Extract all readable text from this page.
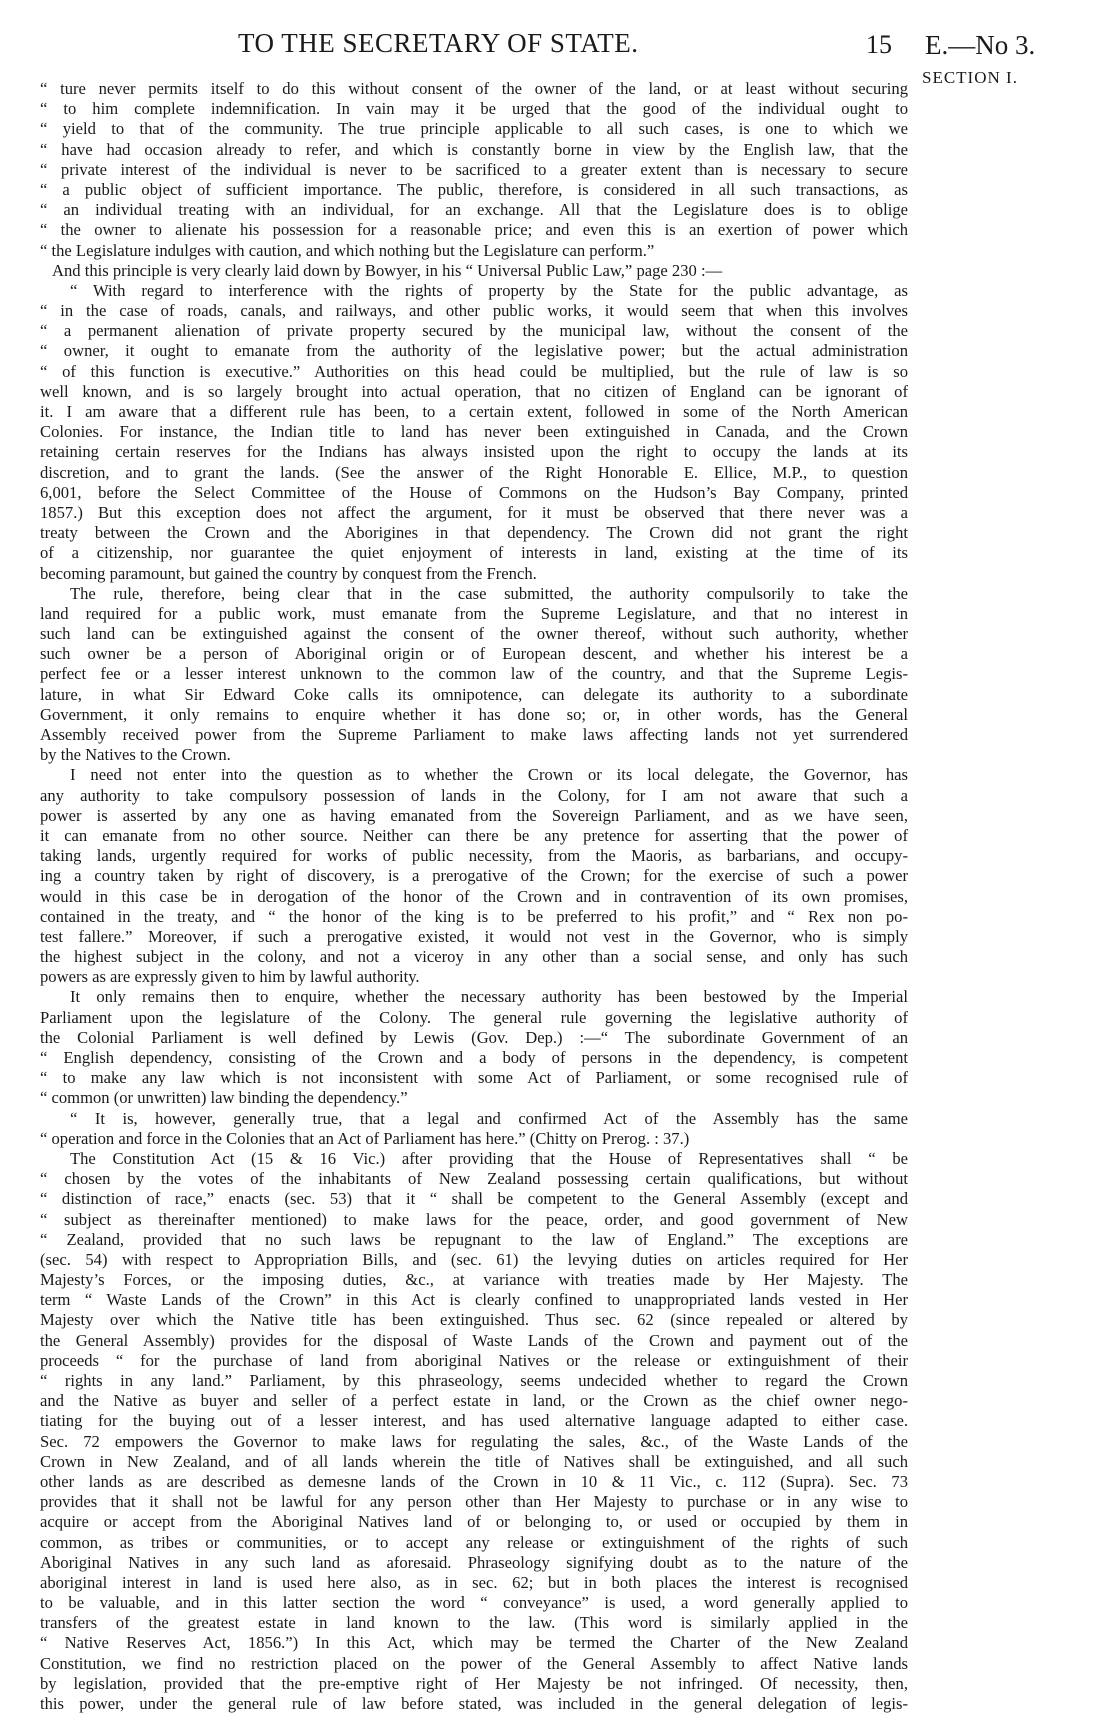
TO THE SECRETARY OF STATE.	15 E.—No 3.
SECTION I.
“ ture never permits itself to do this without consent of the owner of the land, or at least without securing
“ to him complete indemnification. In vain may it be urged that the good of the individual ought to
“ yield to that of the community. The true principle applicable to all such cases, is one to which we
“ have had occasion already to refer, and which is constantly borne in view by the English law, that the
“ private interest of the individual is never to be sacrificed to a greater extent than is necessary to secure
“ a public object of sufficient importance. The public, therefore, is considered in all such transactions, as
“ an individual treating with an individual, for an exchange. All that the Legislature does is to oblige
“ the owner to alienate his possession for a reasonable price; and even this is an exertion of power which
“ the Legislature indulges with caution, and which nothing but the Legislature can perform.”
And this principle is very clearly laid down by Bowyer, in his “ Universal Public Law,” page 230 :—
“ With regard to interference with the rights of property by the State for the public advantage, as
“ in the case of roads, canals, and railways, and other public works, it would seem that when this involves
“ a permanent alienation of private property secured by the municipal law, without the consent of the
“ owner, it ought to emanate from the authority of the legislative power; but the actual administration
“ of this function is executive.” Authorities on this head could be multiplied, but the rule of law is so
well known, and is so largely brought into actual operation, that no citizen of England can be ignorant of
it. I am aware that a different rule has been, to a certain extent, followed in some of the North American
Colonies. For instance, the Indian title to land has never been extinguished in Canada, and the Crown
retaining certain reserves for the Indians has always insisted upon the right to occupy the lands at its
discretion, and to grant the lands. (See the answer of the Right Honorable E. Ellice, M.P., to question
6,001, before the Select Committee of the House of Commons on the Hudson’s Bay Company, printed
1857.) But this exception does not affect the argument, for it must be observed that there never was a
treaty between the Crown and the Aborigines in that dependency. The Crown did not grant the right
of a citizenship, nor guarantee the quiet enjoyment of interests in land, existing at the time of its
becoming paramount, but gained the country by conquest from the French.
The rule, therefore, being clear that in the case submitted, the authority compulsorily to take the
land required for a public work, must emanate from the Supreme Legislature, and that no interest in
such land can be extinguished against the consent of the owner thereof, without such authority, whether
such owner be a person of Aboriginal origin or of European descent, and whether his interest be a
perfect fee or a lesser interest unknown to the common law of the country, and that the Supreme Legis-
lature, in what Sir Edward Coke calls its omnipotence, can delegate its authority to a subordinate
Government, it only remains to enquire whether it has done so; or, in other words, has the General
Assembly received power from the Supreme Parliament to make laws affecting lands not yet surrendered
by the Natives to the Crown.
I need not enter into the question as to whether the Crown or its local delegate, the Governor, has
any authority to take compulsory possession of lands in the Colony, for I am not aware that such a
power is asserted by any one as having emanated from the Sovereign Parliament, and as we have seen,
it can emanate from no other source. Neither can there be any pretence for asserting that the power of
taking lands, urgently required for works of public necessity, from the Maoris, as barbarians, and occupy-
ing a country taken by right of discovery, is a prerogative of the Crown; for the exercise of such a power
would in this case be in derogation of the honor of the Crown and in contravention of its own promises,
contained in the treaty, and “ the honor of the king is to be preferred to his profit,” and “ Rex non po-
test fallere.” Moreover, if such a prerogative existed, it would not vest in the Governor, who is simply
the highest subject in the colony, and not a viceroy in any other than a social sense, and only has such
powers as are expressly given to him by lawful authority.
It only remains then to enquire, whether the necessary authority has been bestowed by the Imperial
Parliament upon the legislature of the Colony. The general rule governing the legislative authority of
the Colonial Parliament is well defined by Lewis (Gov. Dep.) :—“ The subordinate Government of an
“ English dependency, consisting of the Crown and a body of persons in the dependency, is competent
“ to make any law which is not inconsistent with some Act of Parliament, or some recognised rule of
“ common (or unwritten) law binding the dependency.”
“ It is, however, generally true, that a legal and confirmed Act of the Assembly has the same
“ operation and force in the Colonies that an Act of Parliament has here.” (Chitty on Prerog. : 37.)
The Constitution Act (15 & 16 Vic.) after providing that the House of Representatives shall “ be
“ chosen by the votes of the inhabitants of New Zealand possessing certain qualifications, but without
“ distinction of race,” enacts (sec. 53) that it “ shall be competent to the General Assembly (except and
“ subject as thereinafter mentioned) to make laws for the peace, order, and good government of New
“ Zealand, provided that no such laws be repugnant to the law of England.” The exceptions are
(sec. 54) with respect to Appropriation Bills, and (sec. 61) the levying duties on articles required for Her
Majesty’s Forces, or the imposing duties, &c., at variance with treaties made by Her Majesty. The
term “ Waste Lands of the Crown” in this Act is clearly confined to unappropriated lands vested in Her
Majesty over which the Native title has been extinguished. Thus sec. 62 (since repealed or altered by
the General Assembly) provides for the disposal of Waste Lands of the Crown and payment out of the
proceeds “ for the purchase of land from aboriginal Natives or the release or extinguishment of their
“ rights in any land.” Parliament, by this phraseology, seems undecided whether to regard the Crown
and the Native as buyer and seller of a perfect estate in land, or the Crown as the chief owner nego-
tiating for the buying out of a lesser interest, and has used alternative language adapted to either case.
Sec. 72 empowers the Governor to make laws for regulating the sales, &c., of the Waste Lands of the
Crown in New Zealand, and of all lands wherein the title of Natives shall be extinguished, and all such
other lands as are described as demesne lands of the Crown in 10 & 11 Vic., c. 112 (Supra). Sec. 73
provides that it shall not be lawful for any person other than Her Majesty to purchase or in any wise to
acquire or accept from the Aboriginal Natives land of or belonging to, or used or occupied by them in
common, as tribes or communities, or to accept any release or extinguishment of the rights of such
Aboriginal Natives in any such land as aforesaid. Phraseology signifying doubt as to the nature of the
aboriginal interest in land is used here also, as in sec. 62; but in both places the interest is recognised
to be valuable, and in this latter section the word “ conveyance” is used, a word generally applied to
transfers of the greatest estate in land known to the law. (This word is similarly applied in the
“ Native Reserves Act, 1856.”) In this Act, which may be termed the Charter of the New Zealand
Constitution, we find no restriction placed on the power of the General Assembly to affect Native lands
by legislation, provided that the pre-emptive right of Her Majesty be not infringed. Of necessity, then,
this power, under the general rule of law before stated, was included in the general delegation of legis-
